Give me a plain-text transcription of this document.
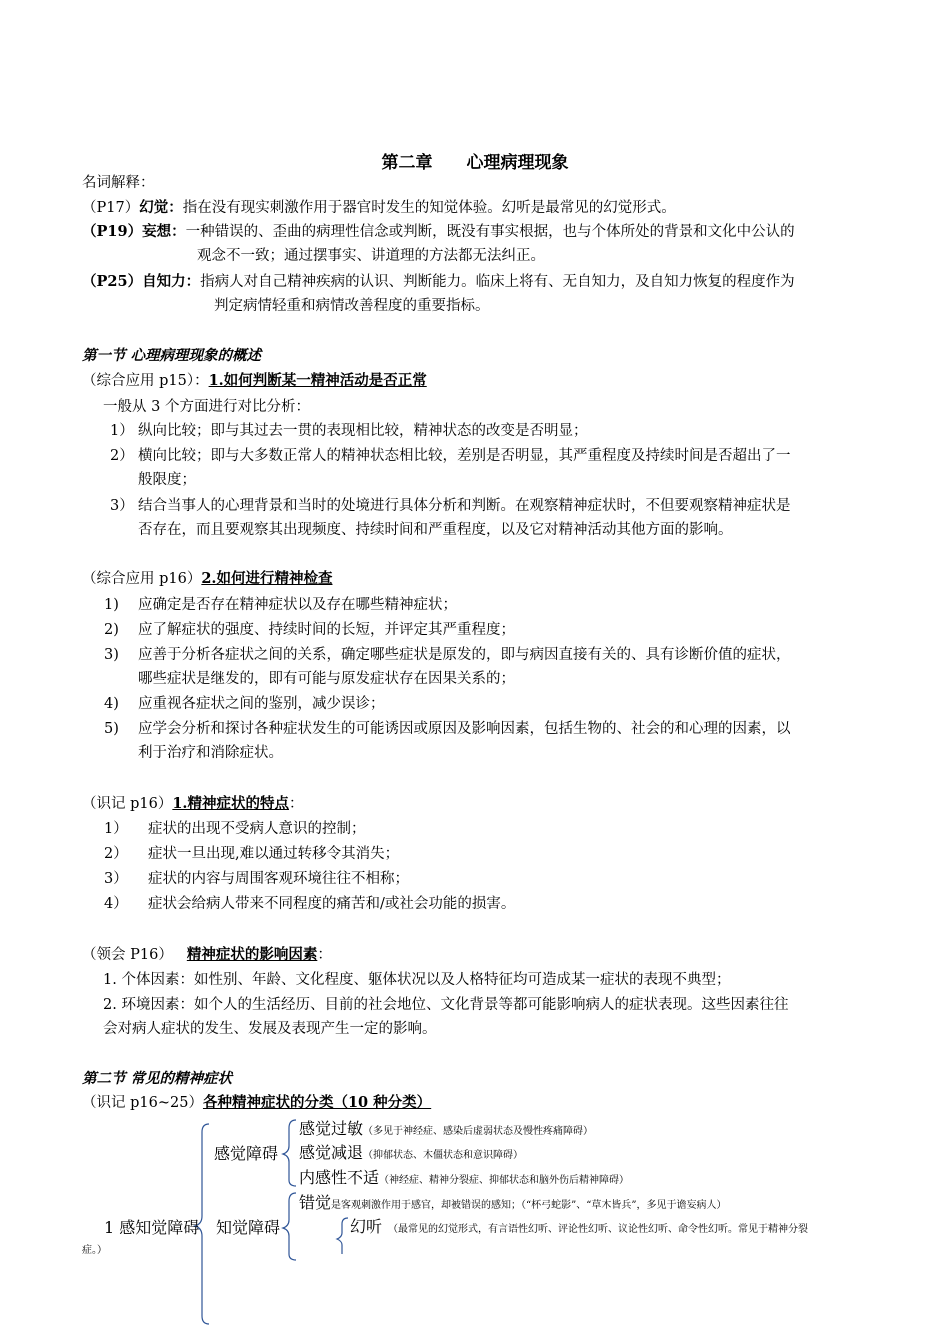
第二章　　心理病理现象
名词解释：
（P17）幻觉：指在没有现实刺激作用于器官时发生的知觉体验。幻听是最常见的幻觉形式。
（P19）妄想：一种错误的、歪曲的病理性信念或判断，既没有事实根据，也与个体所处的背景和文化中公认的
观念不一致；通过摆事实、讲道理的方法都无法纠正。
（P25）自知力：指病人对自己精神疾病的认识、判断能力。临床上将有、无自知力，及自知力恢复的程度作为
判定病情轻重和病情改善程度的重要指标。
第一节 心理病理现象的概述
（综合应用 p15）：1.如何判断某一精神活动是否正常
一般从 3 个方面进行对比分析：
1） 纵向比较；即与其过去一贯的表现相比较，精神状态的改变是否明显；
2） 横向比较；即与大多数正常人的精神状态相比较，差别是否明显，其严重程度及持续时间是否超出了一
般限度；
3） 结合当事人的心理背景和当时的处境进行具体分析和判断。在观察精神症状时，不但要观察精神症状是
否存在，而且要观察其出现频度、持续时间和严重程度，以及它对精神活动其他方面的影响。
（综合应用 p16）2.如何进行精神检查
1) 应确定是否存在精神症状以及存在哪些精神症状；
2) 应了解症状的强度、持续时间的长短，并评定其严重程度；
3) 应善于分析各症状之间的关系，确定哪些症状是原发的，即与病因直接有关的、具有诊断价值的症状，
哪些症状是继发的，即有可能与原发症状存在因果关系的；
4) 应重视各症状之间的鉴别，减少误诊；
5) 应学会分析和探讨各种症状发生的可能诱因或原因及影响因素，包括生物的、社会的和心理的因素，以
利于治疗和消除症状。
（识记 p16）1.精神症状的特点：
1） 症状的出现不受病人意识的控制；
2） 症状一旦出现,难以通过转移令其消失；
3） 症状的内容与周围客观环境往往不相称；
4） 症状会给病人带来不同程度的痛苦和/或社会功能的损害。
（领会 P16） 精神症状的影响因素：
1. 个体因素：如性别、年龄、文化程度、躯体状况以及人格特征均可造成某一症状的表现不典型；
2. 环境因素：如个人的生活经历、目前的社会地位、文化背景等都可能影响病人的症状表现。这些因素往往
会对病人症状的发生、发展及表现产生一定的影响。
第二节 常见的精神症状
（识记 p16~25）各种精神症状的分类（10 种分类）
1 感知觉障碍
感觉障碍
知觉障碍
感觉过敏（多见于神经症、感染后虚弱状态及慢性疼痛障碍）
感觉减退（抑郁状态、木僵状态和意识障碍）
内感性不适（神经症、精神分裂症、抑郁状态和脑外伤后精神障碍）
错觉是客观刺激作用于感官，却被错误的感知；（“杯弓蛇影”、“草木皆兵”，多见于谵妄病人）
幻听 （最常见的幻觉形式，有言语性幻听、评论性幻听、议论性幻听、命令性幻听。常见于精神分裂
症。）
